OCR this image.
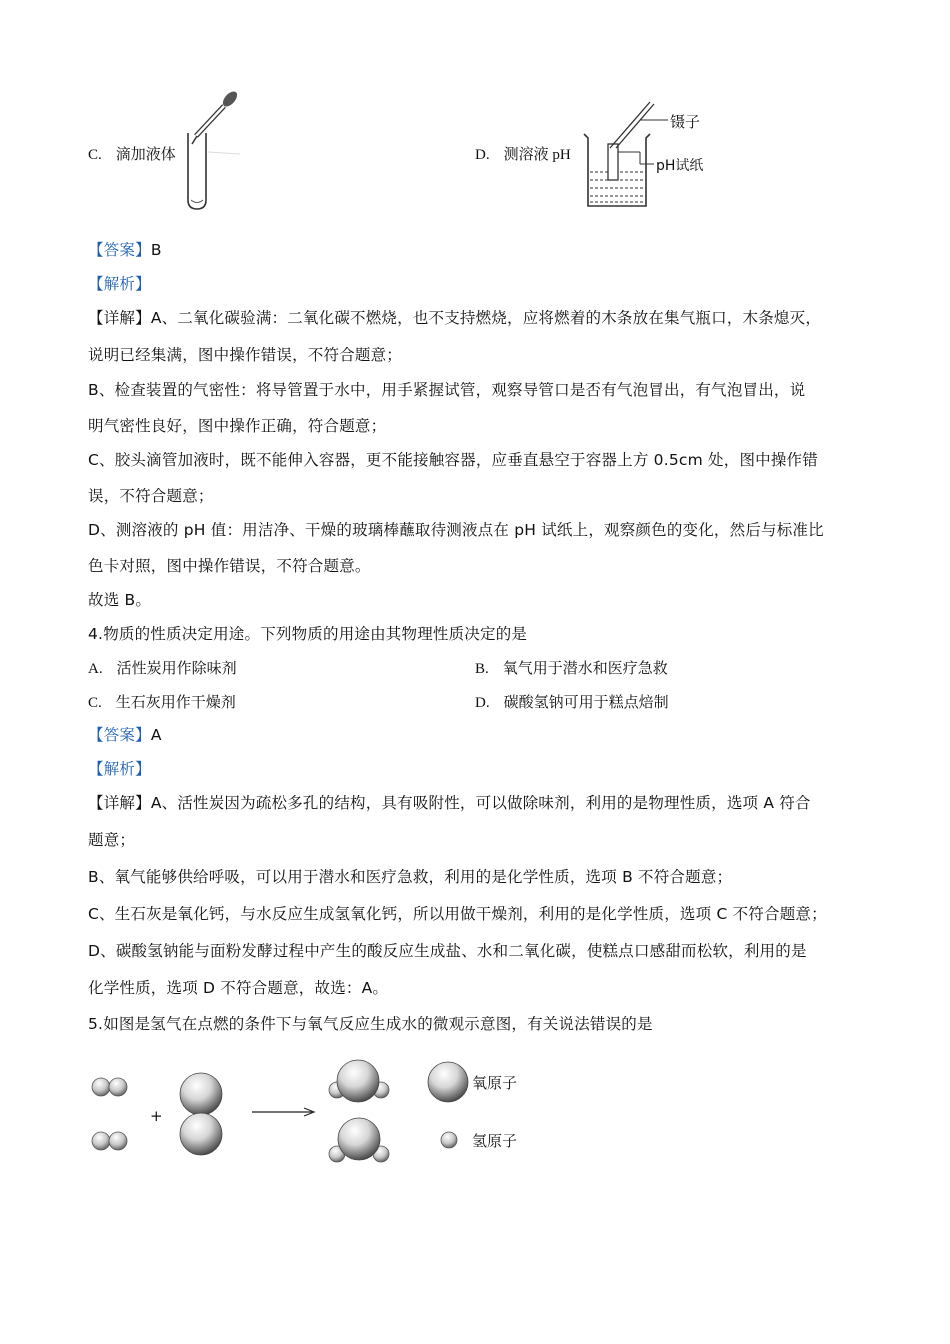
C. 滴加液体	D. 测溶液 pH
镊子
pH试纸
【答案】B
【解析】
【详解】A、二氧化碳验满：二氧化碳不燃烧，也不支持燃烧，应将燃着的木条放在集气瓶口，木条熄灭，
说明已经集满，图中操作错误，不符合题意；
B、检查装置的气密性：将导管置于水中，用手紧握试管，观察导管口是否有气泡冒出，有气泡冒出，说
明气密性良好，图中操作正确，符合题意；
C、胶头滴管加液时，既不能伸入容器，更不能接触容器，应垂直悬空于容器上方 0.5cm 处，图中操作错
误，不符合题意；
D、测溶液的 pH 值：用洁净、干燥的玻璃棒蘸取待测液点在 pH 试纸上，观察颜色的变化，然后与标准比
色卡对照，图中操作错误，不符合题意。
故选 B。
4.物质的性质决定用途。下列物质的用途由其物理性质决定的是
A. 活性炭用作除味剂	B. 氧气用于潜水和医疗急救
C. 生石灰用作干燥剂	D. 碳酸氢钠可用于糕点焙制
【答案】A
【解析】
【详解】A、活性炭因为疏松多孔的结构，具有吸附性，可以做除味剂，利用的是物理性质，选项 A 符合
题意；
B、氧气能够供给呼吸，可以用于潜水和医疗急救，利用的是化学性质，选项 B 不符合题意；
C、生石灰是氧化钙，与水反应生成氢氧化钙，所以用做干燥剂，利用的是化学性质，选项 C 不符合题意；
D、碳酸氢钠能与面粉发酵过程中产生的酸反应生成盐、水和二氧化碳，使糕点口感甜而松软，利用的是
化学性质，选项 D 不符合题意，故选：A。
5.如图是氢气在点燃的条件下与氧气反应生成水的微观示意图，有关说法错误的是
+
氧原子
氢原子
